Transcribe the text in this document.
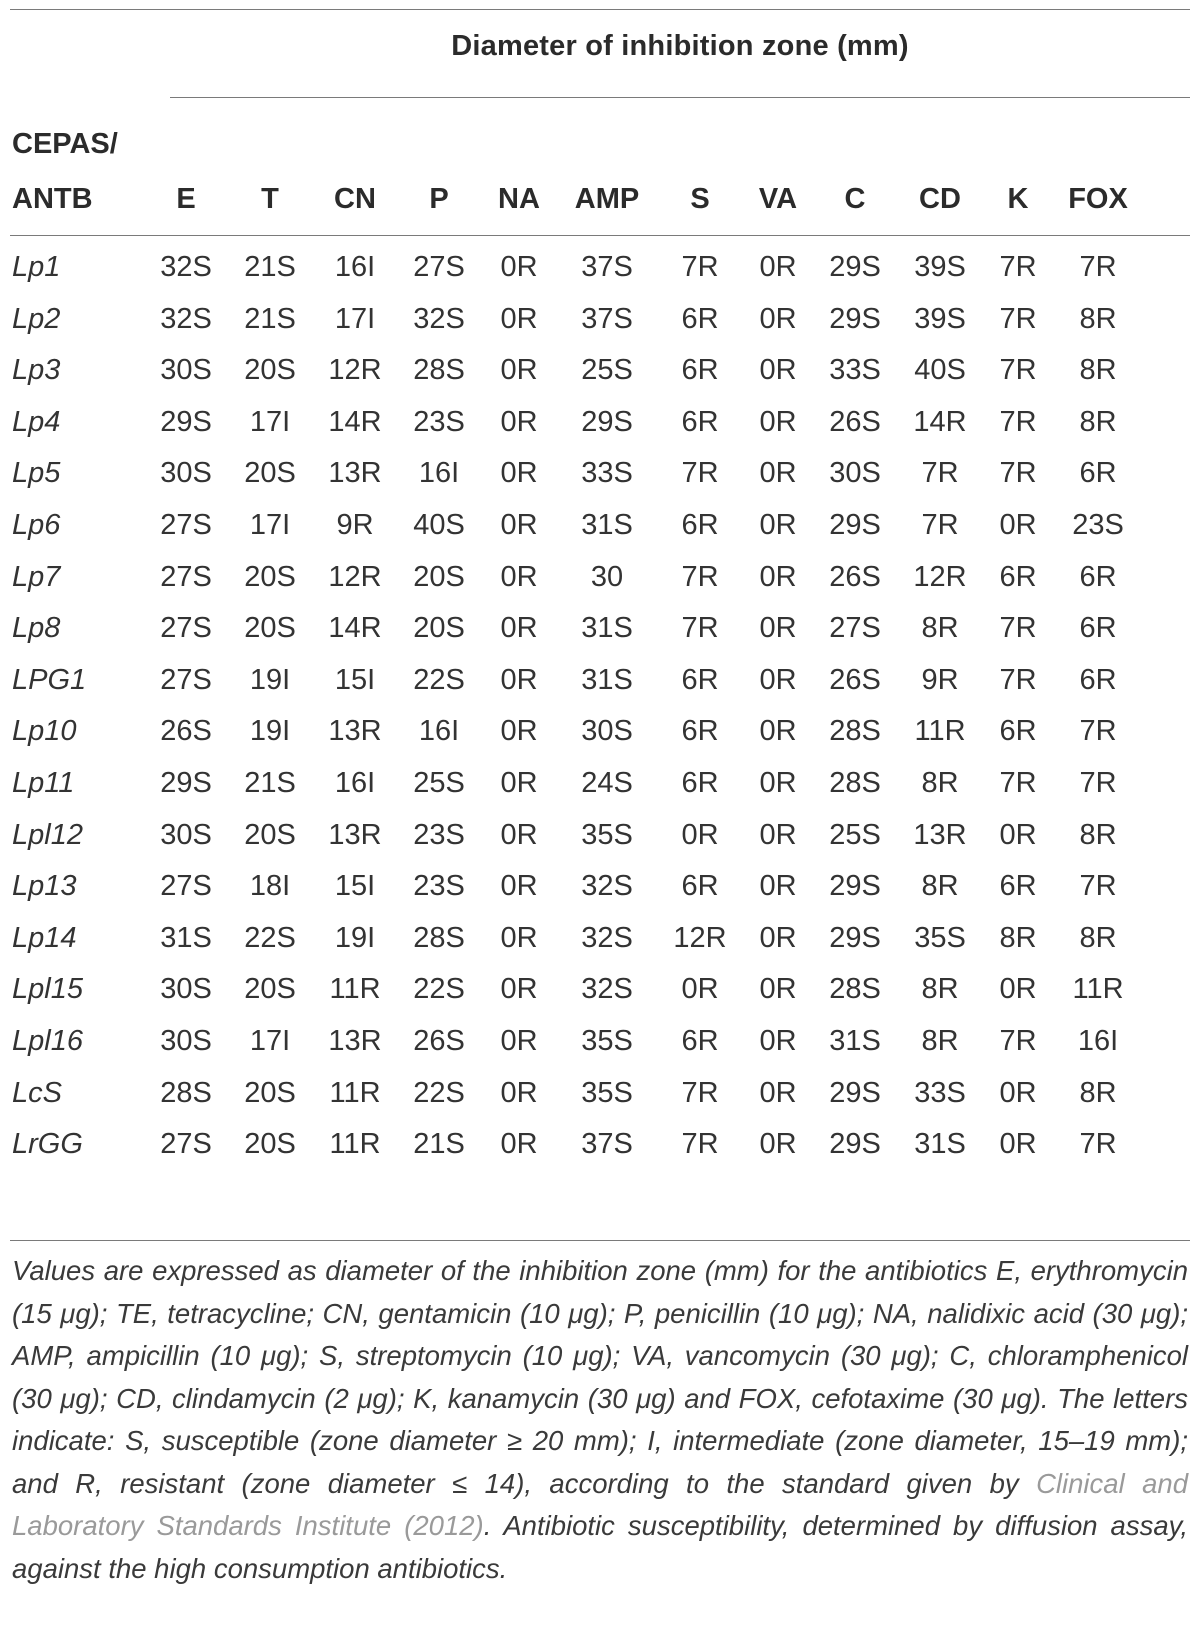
Diameter of inhibition zone (mm)
CEPAS/
ANTB	E	T	CN	P	NA	AMP	S	VA	C	CD	K	FOX
Lp1	32S	21S	16I	27S	0R	37S	7R	0R	29S	39S	7R	7R
Lp2	32S	21S	17I	32S	0R	37S	6R	0R	29S	39S	7R	8R
Lp3	30S	20S	12R	28S	0R	25S	6R	0R	33S	40S	7R	8R
Lp4	29S	17I	14R	23S	0R	29S	6R	0R	26S	14R	7R	8R
Lp5	30S	20S	13R	16I	0R	33S	7R	0R	30S	7R	7R	6R
Lp6	27S	17I	9R	40S	0R	31S	6R	0R	29S	7R	0R	23S
Lp7	27S	20S	12R	20S	0R	30	7R	0R	26S	12R	6R	6R
Lp8	27S	20S	14R	20S	0R	31S	7R	0R	27S	8R	7R	6R
LPG1	27S	19I	15I	22S	0R	31S	6R	0R	26S	9R	7R	6R
Lp10	26S	19I	13R	16I	0R	30S	6R	0R	28S	11R	6R	7R
Lp11	29S	21S	16I	25S	0R	24S	6R	0R	28S	8R	7R	7R
Lpl12	30S	20S	13R	23S	0R	35S	0R	0R	25S	13R	0R	8R
Lp13	27S	18I	15I	23S	0R	32S	6R	0R	29S	8R	6R	7R
Lp14	31S	22S	19I	28S	0R	32S	12R	0R	29S	35S	8R	8R
Lpl15	30S	20S	11R	22S	0R	32S	0R	0R	28S	8R	0R	11R
Lpl16	30S	17I	13R	26S	0R	35S	6R	0R	31S	8R	7R	16I
LcS	28S	20S	11R	22S	0R	35S	7R	0R	29S	33S	0R	8R
LrGG	27S	20S	11R	21S	0R	37S	7R	0R	29S	31S	0R	7R
Values are expressed as diameter of the inhibition zone (mm) for the antibiotics E, erythromycin (15 μg); TE, tetracycline; CN, gentamicin (10 μg); P, penicillin (10 μg); NA, nalidixic acid (30 μg); AMP, ampicillin (10 μg); S, streptomycin (10 μg); VA, vancomycin (30 μg); C, chloramphenicol (30 μg); CD, clindamycin (2 μg); K, kanamycin (30 μg) and FOX, cefotaxime (30 μg). The letters indicate: S, susceptible (zone diameter ≥ 20 mm); I, intermediate (zone diameter, 15–19 mm); and R, resistant (zone diameter ≤ 14), according to the standard given by Clinical and Laboratory Standards Institute (2012). Antibiotic susceptibility, determined by diffusion assay, against the high consumption antibiotics.
